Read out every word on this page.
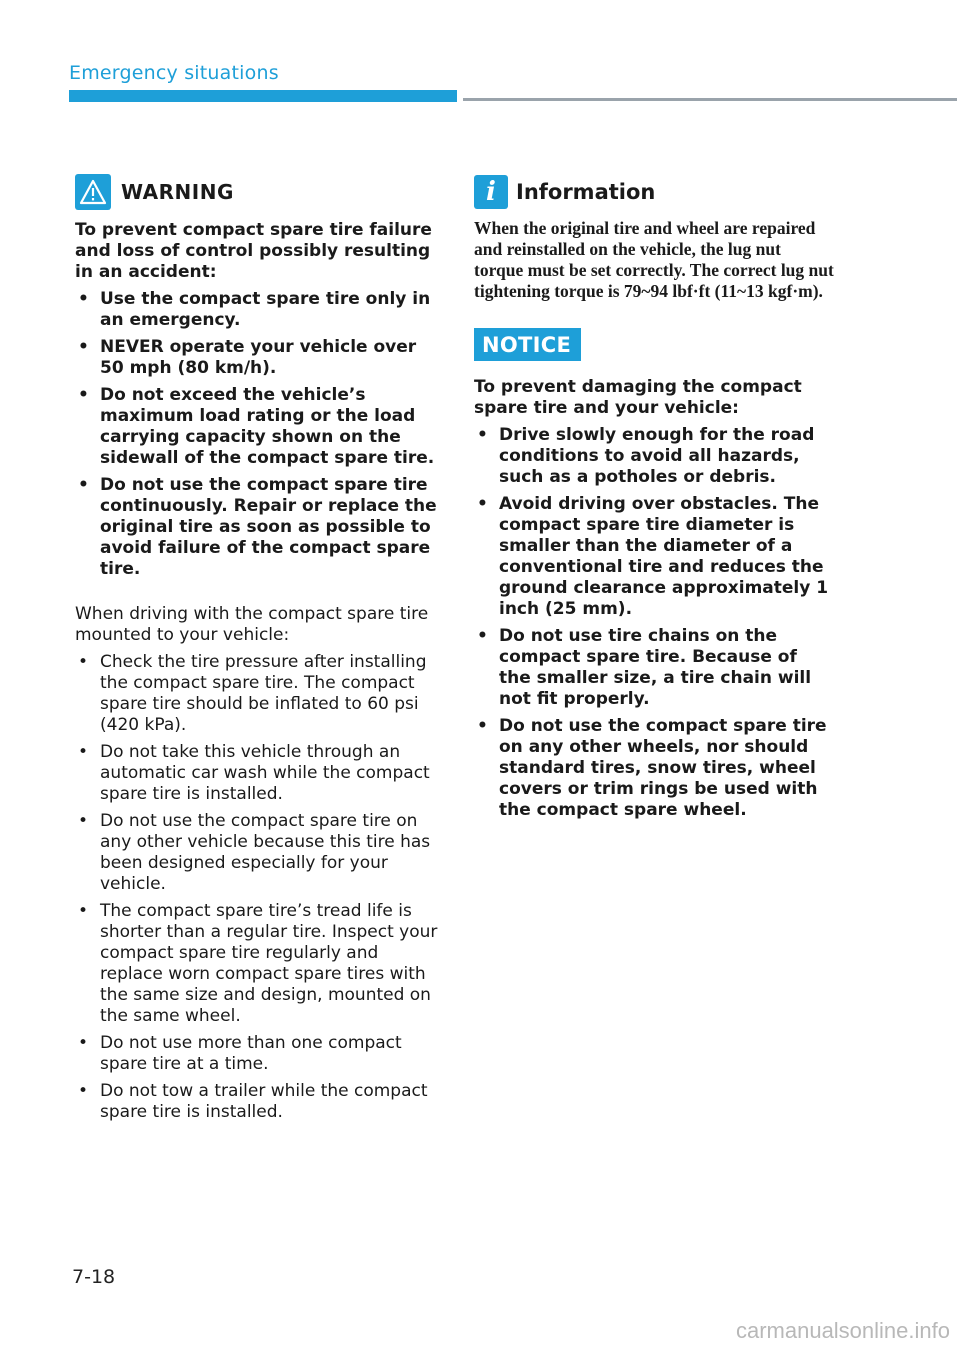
Emergency situations
WARNING

To prevent compact spare tire failure and loss of control possibly resulting in an accident:

• Use the compact spare tire only in an emergency.
• NEVER operate your vehicle over 50 mph (80 km/h).
• Do not exceed the vehicle’s maximum load rating or the load carrying capacity shown on the sidewall of the compact spare tire.
• Do not use the compact spare tire continuously. Repair or replace the original tire as soon as possible to avoid failure of the compact spare tire.

When driving with the compact spare tire mounted to your vehicle:

• Check the tire pressure after installing the compact spare tire. The compact spare tire should be inflated to 60 psi (420 kPa).
• Do not take this vehicle through an automatic car wash while the compact spare tire is installed.
• Do not use the compact spare tire on any other vehicle because this tire has been designed especially for your vehicle.
• The compact spare tire’s tread life is shorter than a regular tire. Inspect your compact spare tire regularly and replace worn compact spare tires with the same size and design, mounted on the same wheel.
• Do not use more than one compact spare tire at a time.
• Do not tow a trailer while the compact spare tire is installed.
i Information

When the original tire and wheel are repaired and reinstalled on the vehicle, the lug nut torque must be set correctly. The correct lug nut tightening torque is 79~94 lbf·ft (11~13 kgf·m).

NOTICE

To prevent damaging the compact spare tire and your vehicle:

• Drive slowly enough for the road conditions to avoid all hazards, such as a potholes or debris.
• Avoid driving over obstacles. The compact spare tire diameter is smaller than the diameter of a conventional tire and reduces the ground clearance approximately 1 inch (25 mm).
• Do not use tire chains on the compact spare tire. Because of the smaller size, a tire chain will not fit properly.
• Do not use the compact spare tire on any other wheels, nor should standard tires, snow tires, wheel covers or trim rings be used with the compact spare wheel.
7-18
carmanualsonline.info
